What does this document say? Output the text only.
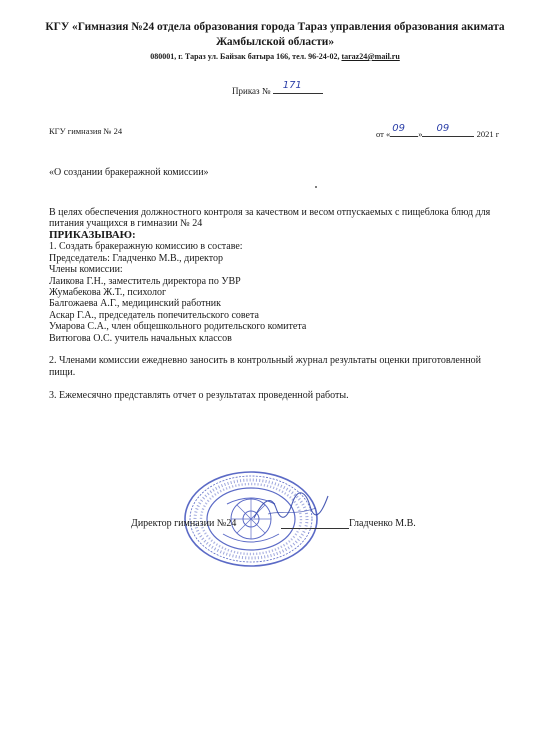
КГУ «Гимназия №24 отдела образования города Тараз управления образования акимата Жамбылской области»
080001, г. Тараз ул. Байзак батыра 166, тел. 96-24-02, taraz24@mail.ru
Приказ № 171
КГУ гимназия № 24	от « 09 » 09	2021 г
«О создании бракеражной комиссии»

В целях обеспечения должностного контроля за качеством и весом отпускаемых с пищеблока блюд для питания учащихся в гимназии № 24

ПРИКАЗЫВАЮ:

1. Создать бракеражную комиссию в составе:

Председатель: Гладченко М.В., директор

Члены комиссии:

Лаикова Г.Н., заместитель директора по УВР

Жумабекова Ж.Т., психолог

Балгожаева А.Г., медицинский работник

Аскар Г.А., председатель попечительского совета

Умарова С.А., член общешкольного родительского комитета

Витюгова О.С. учитель начальных классов

2. Членами комиссии ежедневно заносить в контрольный журнал результаты оценки приготовленной пищи.

3. Ежемесячно представлять отчет о результатах проведенной работы.

Директор гимназии №24	Гладченко М.В.
